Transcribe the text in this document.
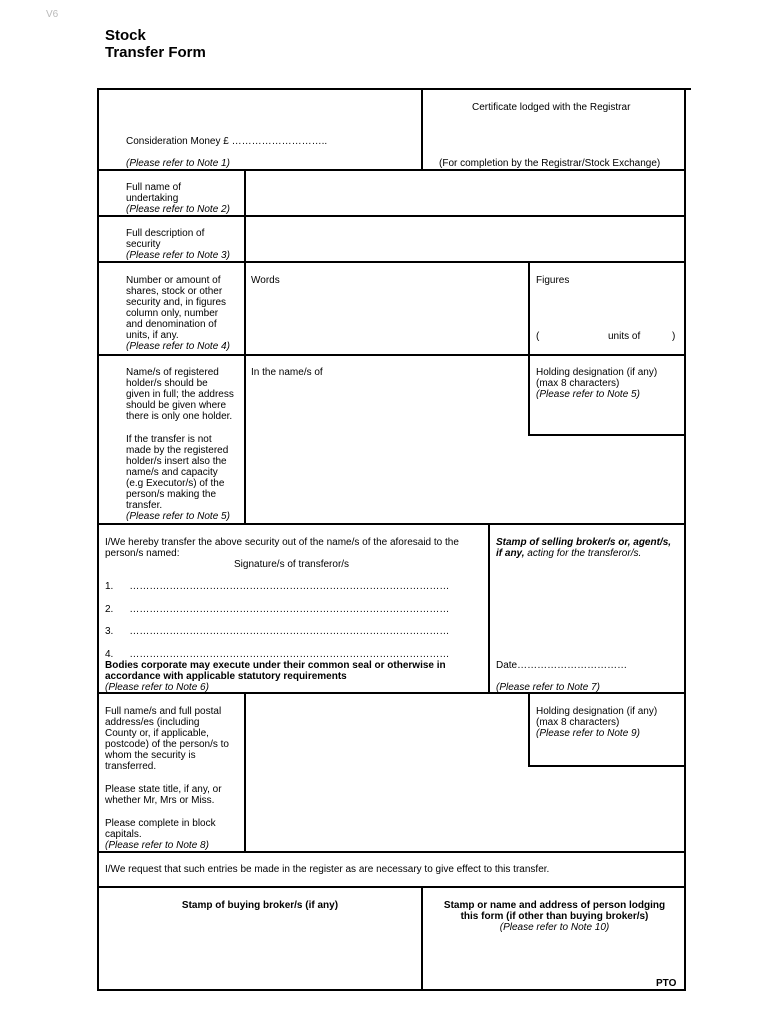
V6
Stock
Transfer Form
Certificate lodged with the Registrar
Consideration Money £ ………………………..
(Please refer to Note 1)	(For completion by the Registrar/Stock Exchange)
Full name of
undertaking
(Please refer to Note 2)
Full description of
security
(Please refer to Note 3)
Number or amount of
shares, stock or other
security and, in figures
column only, number
and denomination of
units, if any.
(Please refer to Note 4)
Words	Figures
(	units of	)
Name/s of registered
holder/s should be
given in full; the address
should be given where
there is only one holder.
If the transfer is not
made by the registered
holder/s insert also the
name/s and capacity
(e.g Executor/s) of the
person/s making the
transfer.
(Please refer to Note 5)
In the name/s of	Holding designation (if any)
(max 8 characters)
(Please refer to Note 5)
I/We hereby transfer the above security out of the name/s of the aforesaid to the
person/s named:
Signature/s of transferor/s
1. ……………………………………………………………………………………
2. ……………………………………………………………………………………
3. ……………………………………………………………………………………
4. ……………………………………………………………………………………
Bodies corporate may execute under their common seal or otherwise in
accordance with applicable statutory requirements
(Please refer to Note 6)
Stamp of selling broker/s or, agent/s,
if any, acting for the transferor/s.
Date……………………………
(Please refer to Note 7)
Full name/s and full postal
address/es (including
County or, if applicable,
postcode) of the person/s to
whom the security is
transferred.
Please state title, if any, or
whether Mr, Mrs or Miss.
Please complete in block
capitals.
(Please refer to Note 8)
Holding designation (if any)
(max 8 characters)
(Please refer to Note 9)
I/We request that such entries be made in the register as are necessary to give effect to this transfer.
Stamp of buying broker/s (if any)	Stamp or name and address of person lodging
this form (if other than buying broker/s)
(Please refer to Note 10)
PTO
